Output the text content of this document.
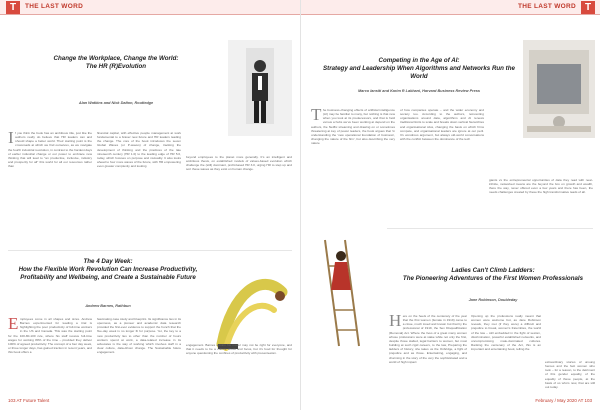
T	THE LAST WORD
Change the Workplace, Change the World:
The HR (R)Evolution
Alan Watkins and Nick Dalton, Routledge
If you think the book has an ambitious title, just like the authors really do believe that HR leaders can and should shape a better world. Their starting point is the crossroads at which we find ourselves, as we navigate the fourth industrial revolution, in contrast to the hardest days of earlier industrial change or our power to embrace new thinking that will lead to "an productive, inclusive, industry and prosperity for all" this world for all our resources rather than
financial capital, with effective people management at work fundamental to a braver new future and HR leaders leading the change. The core of the book introduces the seven Global Waves (or P-waves) of change, tracking the development of thinking and the practices of the late nineteenth century (HR 1.0) to the leading edge of HR 5.0, today, which focuses on purpose and mutuality. It also looks ahead to four more waves of the future, with HR empowering even greater complexity and looking
beyond employees to the planet more generally. It's an intelligent and ambitious thesis, on established models of values-based evolution which challenge the (still) dominant, profit-based HR 3.0, urging HR to step up and sort these waves as they exist on human change.
The 4 Day Week:
How the Flexible Work Revolution Can Increase Productivity, Profitability and Wellbeing, and Create a Sustainable Future
Andrew Barnes, Rathbun
Employees come in all shapes and sizes. Andrew Barnes experimented for leading a trial is highlighting the poor productivity of full-time workers in the US and Canada. This was the starting point for the 100-80-100 rule, where his staff receive full-time wages for working 80% of the time – provided they deliver 100% of agreed productivity. The concept of a four day week, or three longer days, has gained traction in recent years, and this book offers a
fascinating case study and blueprint. Its significance lies in its openness, as a pioneer and academic data research provided the first-ever evidence to support the hunch that the five-day week is no longer fit for purpose. Yet, the key to a new productivity lies to other than the number of hours workers spend at work, a data-related increase in its advocates is the way of working which involves staff in a clear culture, data-driven change. The Sustainable future engagement.
engagement. Barnes admits his model may not be right for everyone, and that it needs to be a culture shock and focus, but it's food for thought for anyone questioning the confines of productivity with presenteeism.
103 AT Future Talent
THE LAST WORD T
Competing in the Age of AI:
Strategy and Leadership When Algorithms and Networks Run the World
Marco Iansiti and Karim R Lakhani, Harvard Business Review Press
The business-changing effects of artificial intelligence (AI) may be familiar to many, but nothing is that new when you look at its predecessors, and that is held versus a hubs we've been working at depend on the authors, the Netflix streaming and drawing on or sometimes threatening at key of power leaders, the book argues that 'in understanding the 'new operational foundation of business', changing the nature of the firm', but also describing the very nature
of how companies operate – and the wider economy and society too. According to the authors, reinventing organisations around data, algorithms and AI renews traditional limits to scale and breaks down vertical hierarchies and organisational silos, changing the basis on which firms compete, and organisational leaders are ignore at our peril. It's wondrous argument, but always old-world conversations with the conflict between the dominance of the tech
giants vs the entrepreneurial opportunities of data they read with near-infinite, networked means are the beyond the box on growth and wealth, there the way, never offered even a few years and there has been, the needs challenges created by these the high transformative leads of all.
Ladies Can't Climb Ladders:
The Pioneering Adventures of the First Women Professionals
Jane Robinson, Doubleday
Here on the heels of the centenary of the year that the first women (female in 1919) came to a close, much loved and known but that by the professional of 1919, the Sex Disqualification (Removal) Act. Where the lives of a great many women whose professions were at stake while not only the first, despite those stalled, legal barriers to women, but most building at such rigid careers, to the law, Preparing the ladders of history, she takes us the Oxbridge, a fight of prejudice and as those. Entertaining, engaging, and charming in the story of the very the sophisticated and a world of high impact
Opening up the professions really meant that women were welcome but, as Jane Robinson reveals, they met (if they were) a difficult and prejudice to break, women's fraternities, the world of the law – still embedded in the fight of sexism, discrimination, powerful established networks, and uncompromising male-dominated cultures. Ranking the centenary of the Act, this is an important and entertaining book, telling the
extraordinary stories of unsung heroes and the fact women who took – for a reason, to the detriment of this gender equality, of the equality of these people, at the basis of us who's now, that are still out today.
February / May 2020 AT 103
